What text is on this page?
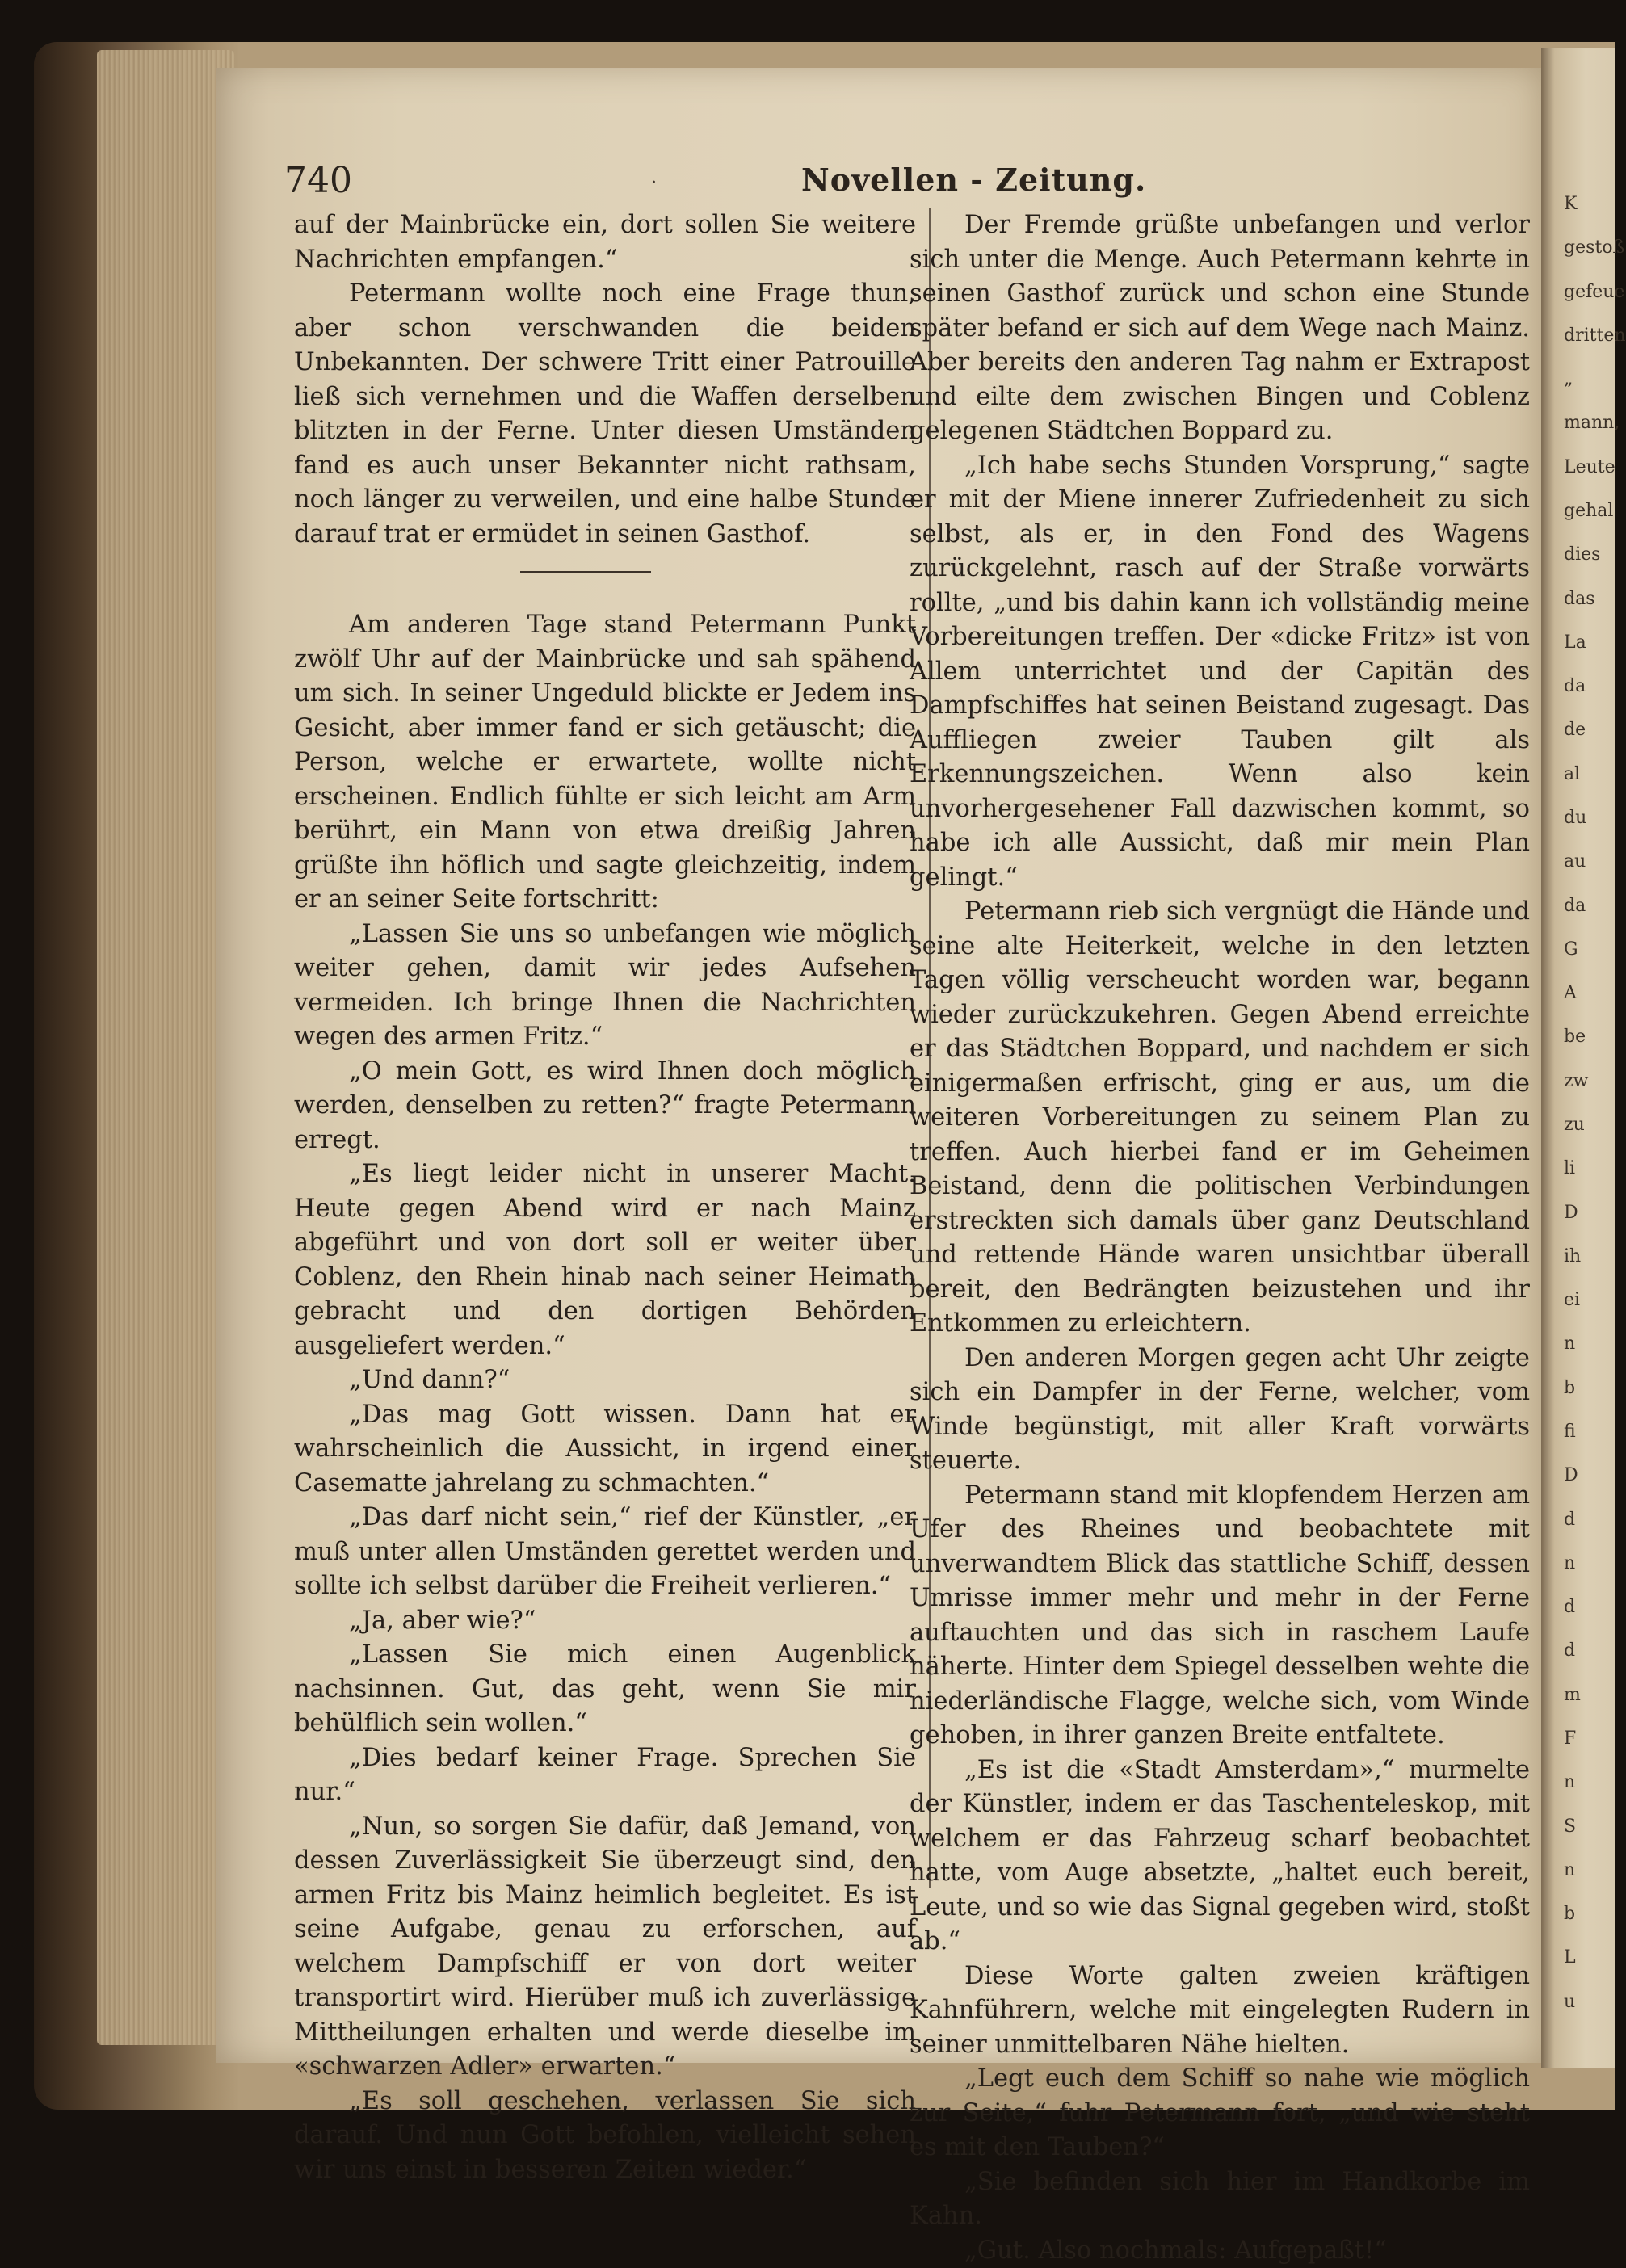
K
gestoß
gefeue
dritten
„
mann,
Leute
gehal
dies
das
La
da
de
al
du
au
da
G
A
be
zw
zu
li
D
ih
ei
n
b
fi
D
d
n
d
d
m
F
n
S
n
b
L
u
740	·	Novellen - Zeitung.

auf der Mainbrücke ein, dort sollen Sie weitere Nachrichten empfangen.“

Petermann wollte noch eine Frage thun, aber schon verschwanden die beiden Unbekannten. Der schwere Tritt einer Patrouille ließ sich vernehmen und die Waffen derselben blitzten in der Ferne. Unter diesen Umständen fand es auch unser Bekannter nicht rathsam, noch länger zu verweilen, und eine halbe Stunde darauf trat er ermüdet in seinen Gasthof.

Am anderen Tage stand Petermann Punkt zwölf Uhr auf der Mainbrücke und sah spähend um sich. In seiner Ungeduld blickte er Jedem ins Gesicht, aber immer fand er sich getäuscht; die Person, welche er erwartete, wollte nicht erscheinen. Endlich fühlte er sich leicht am Arm berührt, ein Mann von etwa dreißig Jahren grüßte ihn höflich und sagte gleichzeitig, indem er an seiner Seite fortschritt:

„Lassen Sie uns so unbefangen wie möglich weiter gehen, damit wir jedes Aufsehen vermeiden. Ich bringe Ihnen die Nachrichten wegen des armen Fritz.“

„O mein Gott, es wird Ihnen doch möglich werden, denselben zu retten?“ fragte Petermann erregt.

„Es liegt leider nicht in unserer Macht. Heute gegen Abend wird er nach Mainz abgeführt und von dort soll er weiter über Coblenz, den Rhein hinab nach seiner Heimath gebracht und den dortigen Behörden ausgeliefert werden.“

„Und dann?“

„Das mag Gott wissen. Dann hat er wahrscheinlich die Aussicht, in irgend einer Casematte jahrelang zu schmachten.“

„Das darf nicht sein,“ rief der Künstler, „er muß unter allen Umständen gerettet werden und sollte ich selbst darüber die Freiheit verlieren.“

„Ja, aber wie?“

„Lassen Sie mich einen Augenblick nachsinnen. Gut, das geht, wenn Sie mir behülflich sein wollen.“

„Dies bedarf keiner Frage. Sprechen Sie nur.“

„Nun, so sorgen Sie dafür, daß Jemand, von dessen Zuverlässigkeit Sie überzeugt sind, den armen Fritz bis Mainz heimlich begleitet. Es ist seine Aufgabe, genau zu erforschen, auf welchem Dampfschiff er von dort weiter transportirt wird. Hierüber muß ich zuverlässige Mittheilungen erhalten und werde dieselbe im «schwarzen Adler» erwarten.“

„Es soll geschehen, verlassen Sie sich darauf. Und nun Gott befohlen, vielleicht sehen wir uns einst in besseren Zeiten wieder.“

Der Fremde grüßte unbefangen und verlor sich unter die Menge. Auch Petermann kehrte in seinen Gasthof zurück und schon eine Stunde später befand er sich auf dem Wege nach Mainz. Aber bereits den anderen Tag nahm er Extrapost und eilte dem zwischen Bingen und Coblenz gelegenen Städtchen Boppard zu.

„Ich habe sechs Stunden Vorsprung,“ sagte er mit der Miene innerer Zufriedenheit zu sich selbst, als er, in den Fond des Wagens zurückgelehnt, rasch auf der Straße vorwärts rollte, „und bis dahin kann ich vollständig meine Vorbereitungen treffen. Der «dicke Fritz» ist von Allem unterrichtet und der Capitän des Dampfschiffes hat seinen Beistand zugesagt. Das Auffliegen zweier Tauben gilt als Erkennungszeichen. Wenn also kein unvorhergesehener Fall dazwischen kommt, so habe ich alle Aussicht, daß mir mein Plan gelingt.“

Petermann rieb sich vergnügt die Hände und seine alte Heiterkeit, welche in den letzten Tagen völlig verscheucht worden war, begann wieder zurückzukehren. Gegen Abend erreichte er das Städtchen Boppard, und nachdem er sich einigermaßen erfrischt, ging er aus, um die weiteren Vorbereitungen zu seinem Plan zu treffen. Auch hierbei fand er im Geheimen Beistand, denn die politischen Verbindungen erstreckten sich damals über ganz Deutschland und rettende Hände waren unsichtbar überall bereit, den Bedrängten beizustehen und ihr Entkommen zu erleichtern.

Den anderen Morgen gegen acht Uhr zeigte sich ein Dampfer in der Ferne, welcher, vom Winde begünstigt, mit aller Kraft vorwärts steuerte.

Petermann stand mit klopfendem Herzen am Ufer des Rheines und beobachtete mit unverwandtem Blick das stattliche Schiff, dessen Umrisse immer mehr und mehr in der Ferne auftauchten und das sich in raschem Laufe näherte. Hinter dem Spiegel desselben wehte die niederländische Flagge, welche sich, vom Winde gehoben, in ihrer ganzen Breite entfaltete.

„Es ist die «Stadt Amsterdam»,“ murmelte der Künstler, indem er das Taschenteleskop, mit welchem er das Fahrzeug scharf beobachtet hatte, vom Auge absetzte, „haltet euch bereit, Leute, und so wie das Signal gegeben wird, stoßt ab.“

Diese Worte galten zweien kräftigen Kahnführern, welche mit eingelegten Rudern in seiner unmittelbaren Nähe hielten.

„Legt euch dem Schiff so nahe wie möglich zur Seite,“ fuhr Petermann fort, „und wie steht es mit den Tauben?“

„Sie befinden sich hier im Handkorbe im Kahn.

„Gut. Also nochmals: Aufgepaßt!“
